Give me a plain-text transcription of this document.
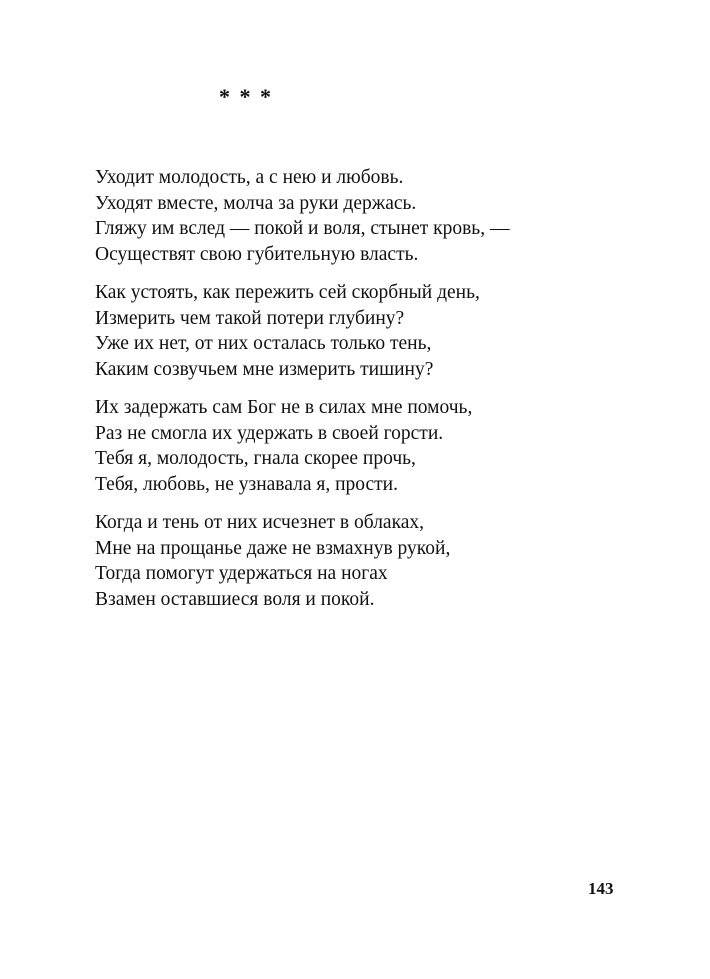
* * *
Уходит молодость, а с нею и любовь.
Уходят вместе, молча за руки держась.
Гляжу им вслед — покой и воля, стынет кровь, —
Осуществят свою губительную власть.
Как устоять, как пережить сей скорбный день,
Измерить чем такой потери глубину?
Уже их нет, от них осталась только тень,
Каким созвучьем мне измерить тишину?
Их задержать сам Бог не в силах мне помочь,
Раз не смогла их удержать в своей горсти.
Тебя я, молодость, гнала скорее прочь,
Тебя, любовь, не узнавала я, прости.
Когда и тень от них исчезнет в облаках,
Мне на прощанье даже не взмахнув рукой,
Тогда помогут удержаться на ногах
Взамен оставшиеся воля и покой.
143
